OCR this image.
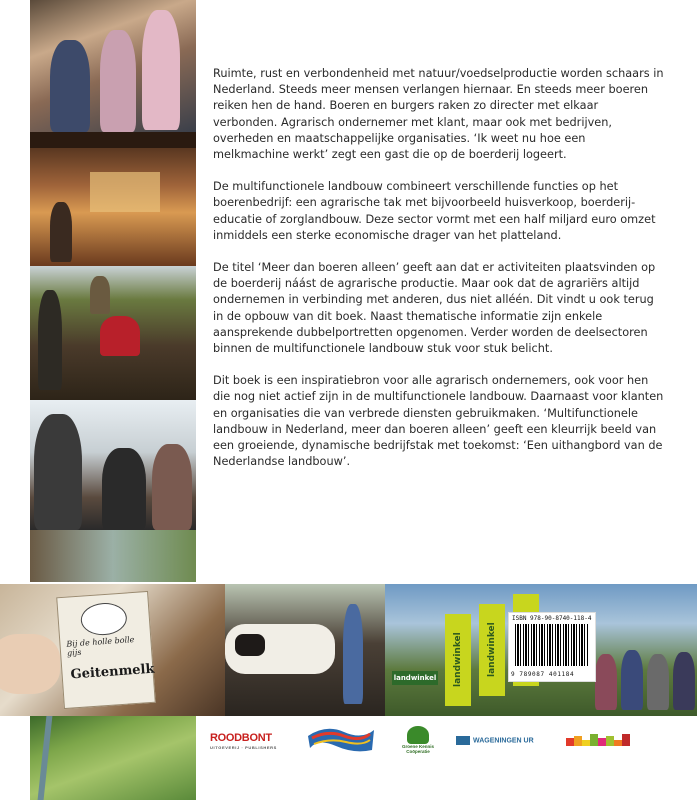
Ruimte, rust en verbondenheid met natuur/voedselproductie worden schaars in Nederland. Steeds meer mensen verlangen hiernaar. En steeds meer boeren reiken hen de hand. Boeren en burgers raken zo directer met elkaar verbonden. Agrarisch ondernemer met klant, maar ook met bedrijven, overheden en maatschappelijke organisaties. ‘Ik weet nu hoe een melkmachine werkt’ zegt een gast die op de boerderij logeert.

De multifunctionele landbouw combineert verschillende functies op het boerenbedrijf: een agrarische tak met bijvoorbeeld huisverkoop, boerderij-educatie of zorglandbouw. Deze sector vormt met een half miljard euro omzet inmiddels een sterke economische drager van het platteland.

De titel ‘Meer dan boeren alleen’ geeft aan dat er activiteiten plaatsvinden op de boerderij náást de agrarische productie. Maar ook dat de agrariërs altijd ondernemen in verbinding met anderen, dus niet alléén. Dit vindt u ook terug in de opbouw van dit boek. Naast thematische informatie zijn enkele aansprekende dubbelportretten opgenomen. Verder worden de deelsectoren binnen de multifunctionele landbouw stuk voor stuk belicht.

Dit boek is een inspiratiebron voor alle agrarisch ondernemers, ook voor hen die nog niet actief zijn in de multifunctionele landbouw. Daarnaast voor klanten en organisaties die van verbrede diensten gebruikmaken. ‘Multifunctionele landbouw in Nederland, meer dan boeren alleen’ geeft een kleurrijk beeld van een groeiende, dynamische bedrijfstak met toekomst: ‘Een uithangbord van de Nederlandse landbouw’.

Bij de holle bolle gijs
Geitenmelk	landwinkel	landwinkel
landwinkel
ISBN 978-90-8740-118-4
9 789087 401184
ROODBONT
UITGEVERIJ · PUBLISHERS	Groene Kennis Coöperatie
WAGENINGEN UR
